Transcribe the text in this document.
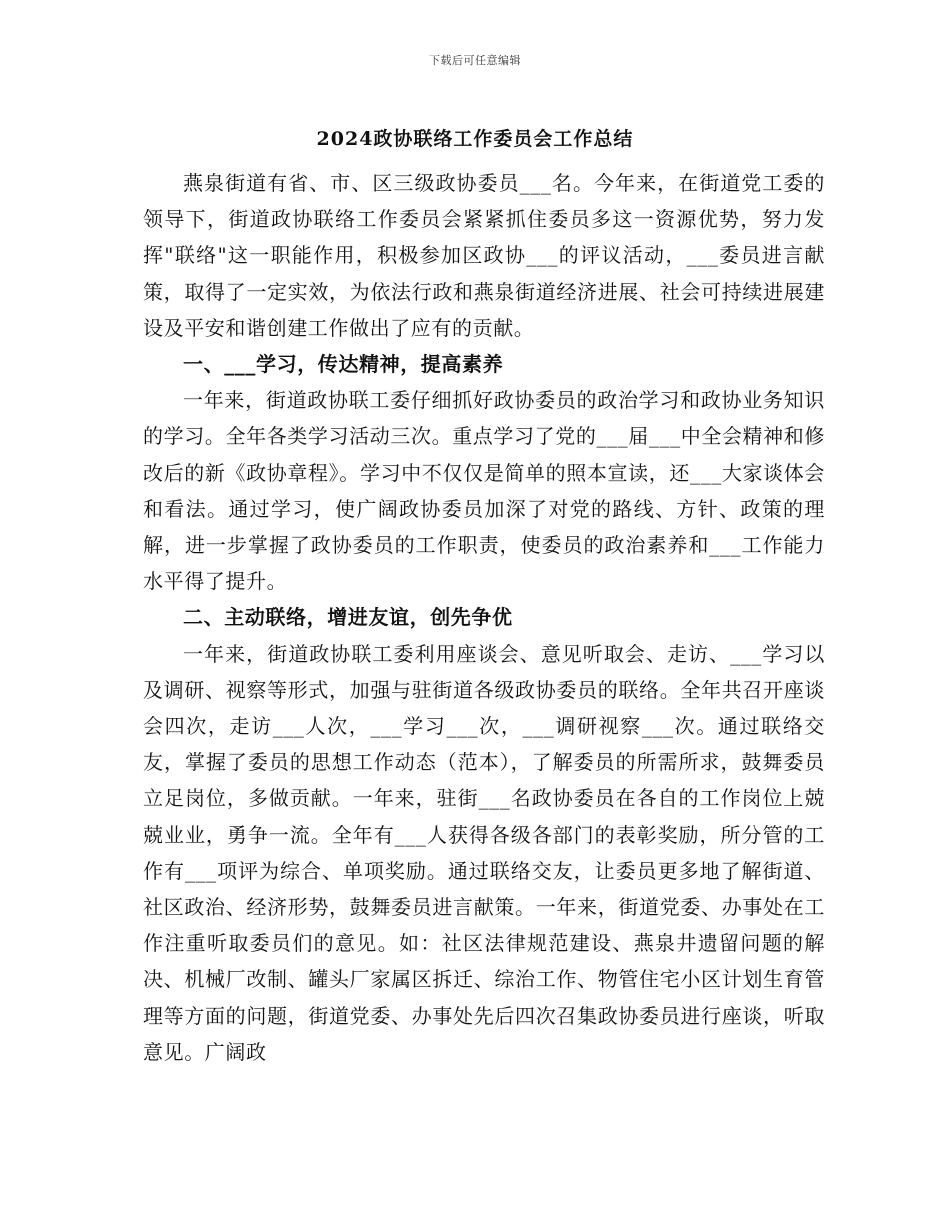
下载后可任意编辑
2024政协联络工作委员会工作总结

燕泉街道有省、市、区三级政协委员___名。今年来，在街道党工委的领导下，街道政协联络工作委员会紧紧抓住委员多这一资源优势，努力发挥"联络"这一职能作用，积极参加区政协___的评议活动，___委员进言献策，取得了一定实效，为依法行政和燕泉街道经济进展、社会可持续进展建设及平安和谐创建工作做出了应有的贡献。

一、___学习，传达精神，提高素养

一年来，街道政协联工委仔细抓好政协委员的政治学习和政协业务知识的学习。全年各类学习活动三次。重点学习了党的___届___中全会精神和修改后的新《政协章程》。学习中不仅仅是简单的照本宣读，还___大家谈体会和看法。通过学习，使广阔政协委员加深了对党的路线、方针、政策的理解，进一步掌握了政协委员的工作职责，使委员的政治素养和___工作能力水平得了提升。

二、主动联络，增进友谊，创先争优

一年来，街道政协联工委利用座谈会、意见听取会、走访、___学习以及调研、视察等形式，加强与驻街道各级政协委员的联络。全年共召开座谈会四次，走访___人次，___学习___次，___调研视察___次。通过联络交友，掌握了委员的思想工作动态（范本），了解委员的所需所求，鼓舞委员立足岗位，多做贡献。一年来，驻街___名政协委员在各自的工作岗位上兢兢业业，勇争一流。全年有___人获得各级各部门的表彰奖励，所分管的工作有___项评为综合、单项奖励。通过联络交友，让委员更多地了解街道、社区政治、经济形势，鼓舞委员进言献策。一年来，街道党委、办事处在工作注重听取委员们的意见。如：社区法律规范建设、燕泉井遗留问题的解决、机械厂改制、罐头厂家属区拆迁、综治工作、物管住宅小区计划生育管理等方面的问题，街道党委、办事处先后四次召集政协委员进行座谈，听取意见。广阔政
